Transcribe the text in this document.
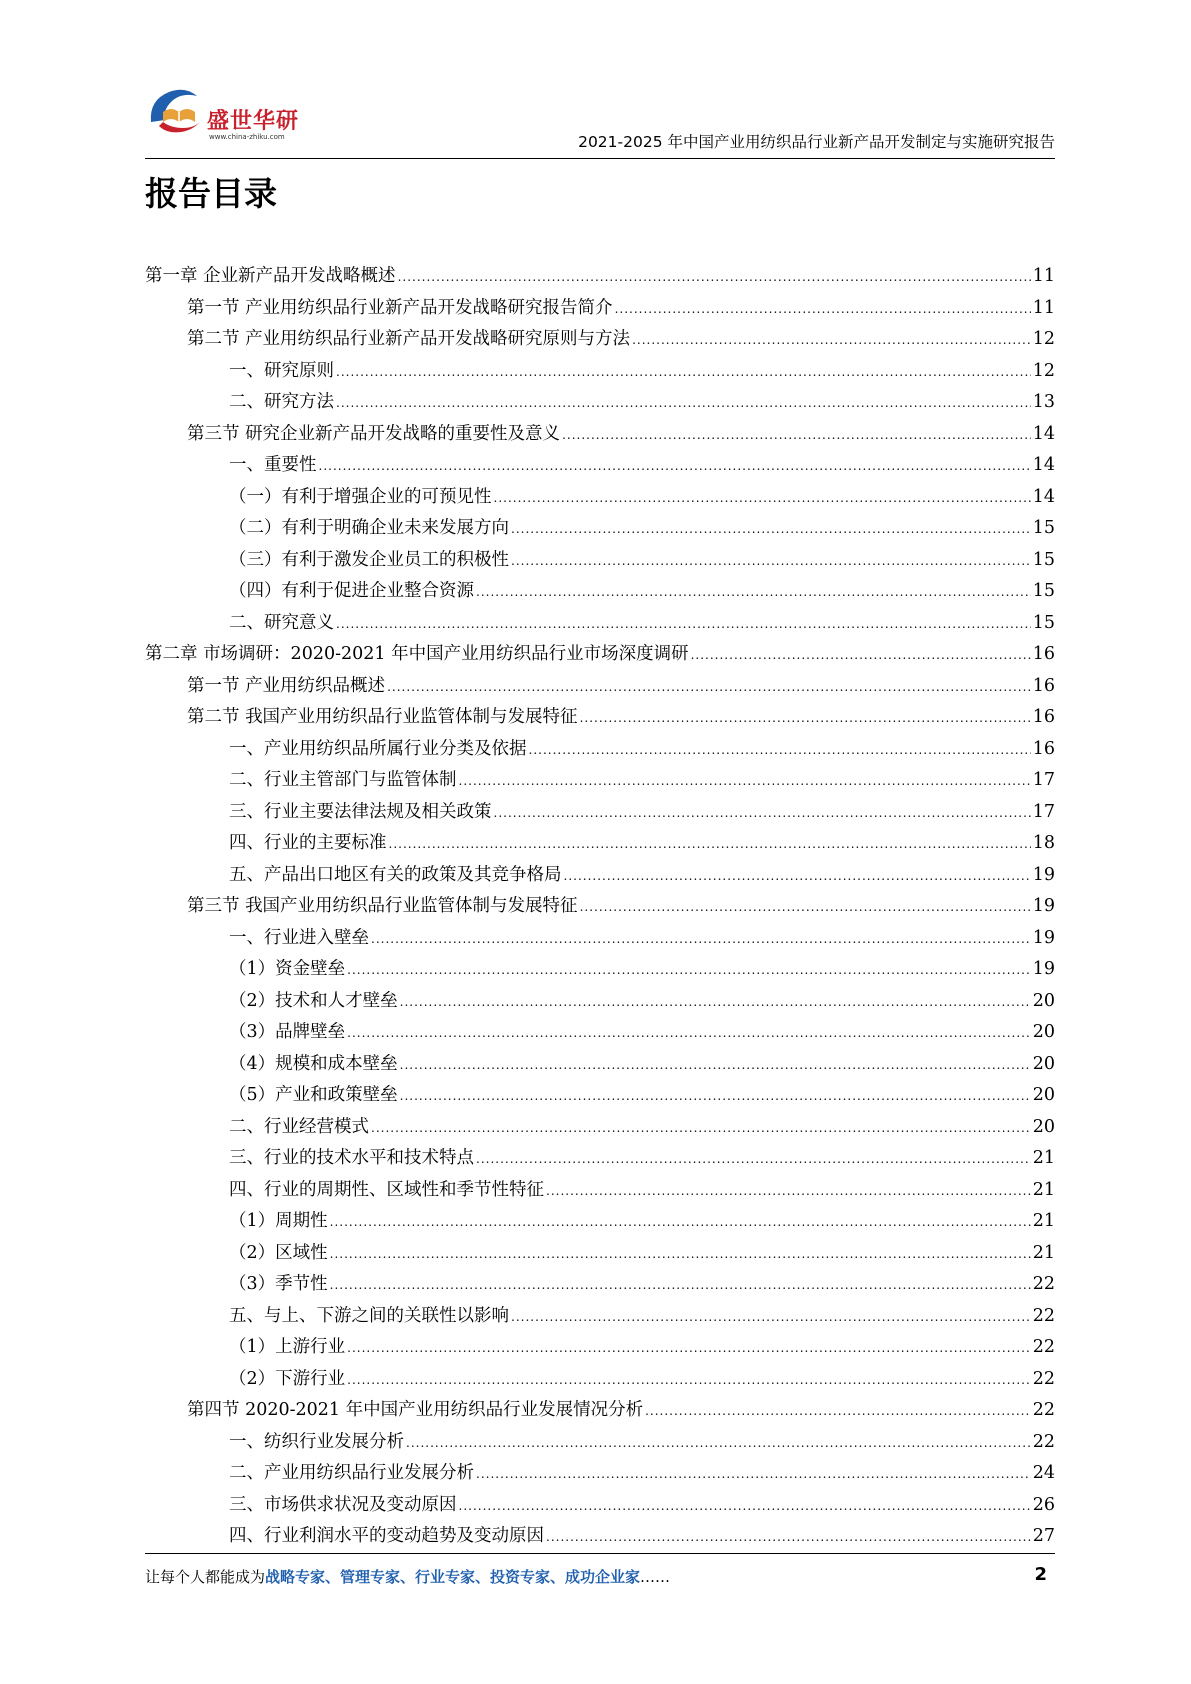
盛世华研
www.china-zhiku.com	2021-2025 年中国产业用纺织品行业新产品开发制定与实施研究报告
报告目录
第一章 企业新产品开发战略概述 .....	11
第一节 产业用纺织品行业新产品开发战略研究报告简介 .....	11
第二节 产业用纺织品行业新产品开发战略研究原则与方法 .....	12
一、研究原则 .....	12
二、研究方法 .....	13
第三节 研究企业新产品开发战略的重要性及意义 .....	14
一、重要性 .....	14
（一）有利于增强企业的可预见性 .....	14
（二）有利于明确企业未来发展方向 .....	15
（三）有利于激发企业员工的积极性 .....	15
（四）有利于促进企业整合资源 .....	15
二、研究意义 .....	15
第二章 市场调研：2020-2021 年中国产业用纺织品行业市场深度调研 .....	16
第一节 产业用纺织品概述 .....	16
第二节 我国产业用纺织品行业监管体制与发展特征 .....	16
一、产业用纺织品所属行业分类及依据 .....	16
二、行业主管部门与监管体制 .....	17
三、行业主要法律法规及相关政策 .....	17
四、行业的主要标准 .....	18
五、产品出口地区有关的政策及其竞争格局 .....	19
第三节 我国产业用纺织品行业监管体制与发展特征 .....	19
一、行业进入壁垒 .....	19
（1）资金壁垒 .....	19
（2）技术和人才壁垒 .....	20
（3）品牌壁垒 .....	20
（4）规模和成本壁垒 .....	20
（5）产业和政策壁垒 .....	20
二、行业经营模式 .....	20
三、行业的技术水平和技术特点 .....	21
四、行业的周期性、区域性和季节性特征 .....	21
（1）周期性 .....	21
（2）区域性 .....	21
（3）季节性 .....	22
五、与上、下游之间的关联性以影响 .....	22
（1）上游行业 .....	22
（2）下游行业 .....	22
第四节 2020-2021 年中国产业用纺织品行业发展情况分析 .....	22
一、纺织行业发展分析 .....	22
二、产业用纺织品行业发展分析 .....	24
三、市场供求状况及变动原因 .....	26
四、行业利润水平的变动趋势及变动原因 .....	27
让每个人都能成为战略专家、管理专家、行业专家、投资专家、成功企业家……	2
